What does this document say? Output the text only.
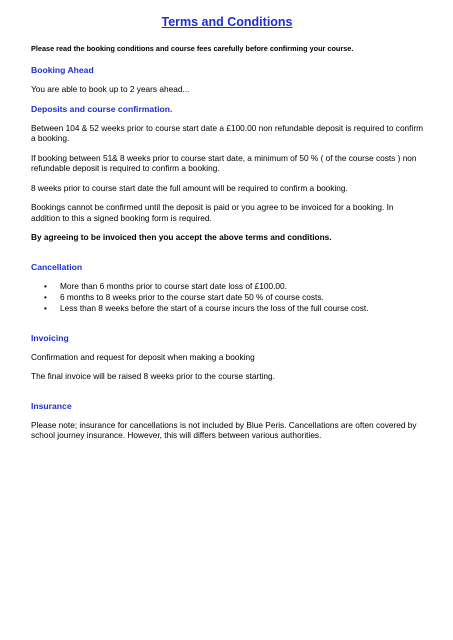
Terms and Conditions
Please read the booking conditions and course fees carefully before confirming your course.
Booking Ahead
You are able to book up to 2 years ahead...
Deposits and course confirmation.
Between 104 & 52 weeks prior to course start date a £100.00 non refundable deposit is required to confirm a booking.
If booking between 51& 8 weeks prior to course start date, a minimum of 50 % ( of the course costs ) non refundable deposit is required to confirm a booking.
8 weeks prior to course start date the full amount will be required to confirm a booking.
Bookings cannot be confirmed until the deposit is paid or you agree to be invoiced for a booking. In addition to this a signed booking form is required.
By agreeing to be invoiced then you accept the above terms and conditions.
Cancellation
• More than 6 months prior to course start date loss of £100.00.
• 6 months to 8 weeks prior to the course start date 50 % of course costs.
• Less than 8 weeks before the start of a course incurs the loss of the full course cost.
Invoicing
Confirmation and request for deposit when making a booking
The final invoice will be raised 8 weeks prior to the course starting.
Insurance
Please note; insurance for cancellations is not included by Blue Peris. Cancellations are often covered by school journey insurance. However, this will differs between various authorities.
